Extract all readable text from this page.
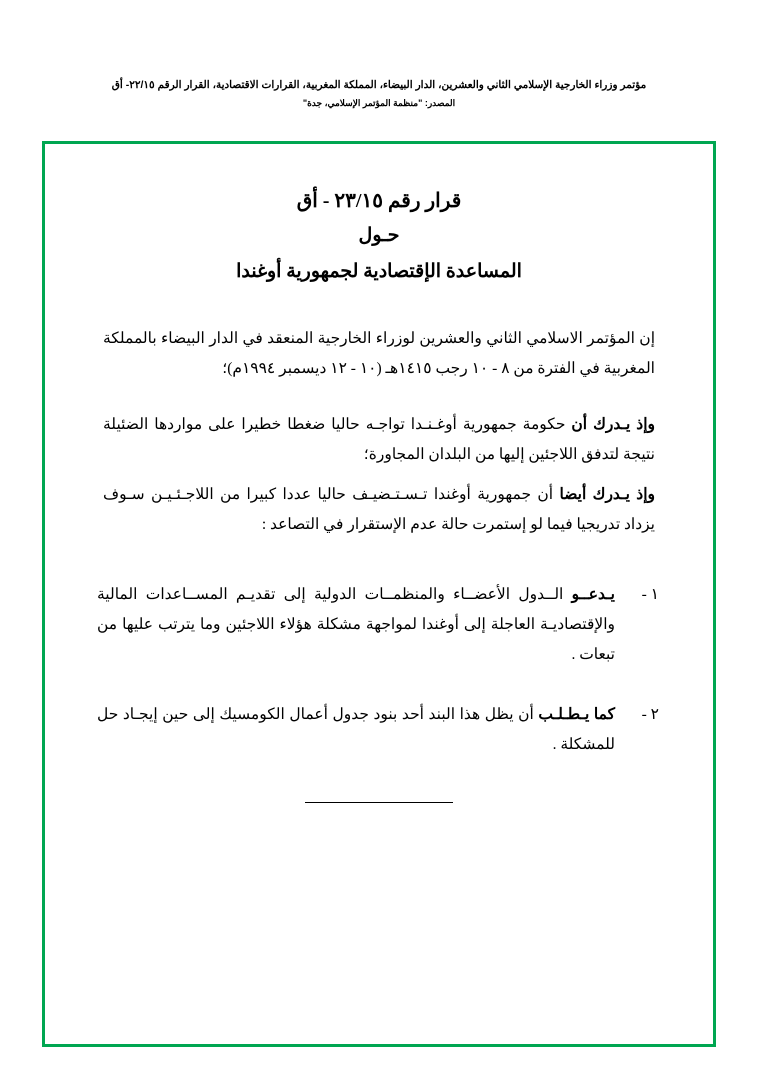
مؤتمر وزراء الخارجية الإسلامي الثاني والعشرين، الدار البيضاء، المملكة المغربية، القرارات الاقتصادية، القرار الرقم ٢٢/١٥- أق
المصدر: "منظمة المؤتمر الإسلامي، جدة"
قرار رقم ٢٣/١٥ - أق
حـول
المساعدة الإقتصادية لجمهورية أوغندا

إن المؤتمر الاسلامي الثاني والعشرين لوزراء الخارجية المنعقد في الدار البيضاء بالمملكة المغربية في الفترة من ٨ - ١٠ رجب ١٤١٥هـ (١٠ - ١٢ ديسمبر ١٩٩٤م)؛

وإذ يـدرك أن حكومة جمهورية أوغـنـدا تواجـه حاليا ضغطا خطيرا على مواردها الضئيلة نتيجة لتدفق اللاجئين إليها من البلدان المجاورة؛

وإذ يـدرك أيضا أن جمهورية أوغندا تـسـتـضيـف حاليا عددا كبيرا من اللاجـئـيـن سـوف يزداد تدريجيا فيما لو إستمرت حالة عدم الإستقرار في التصاعد :

١ -
يـدعــو الــدول الأعضــاء والمنظمــات الدولية إلى تقديـم المســاعدات المالية والإقتصاديـة العاجلة إلى أوغندا لمواجهة مشكلة هؤلاء اللاجئين وما يترتب عليها من تبعات .
٢ -
كما يـطـلـب أن يظل هذا البند أحد بنود جدول أعمال الكومسيك إلى حين إيجـاد حل للمشكلة .
